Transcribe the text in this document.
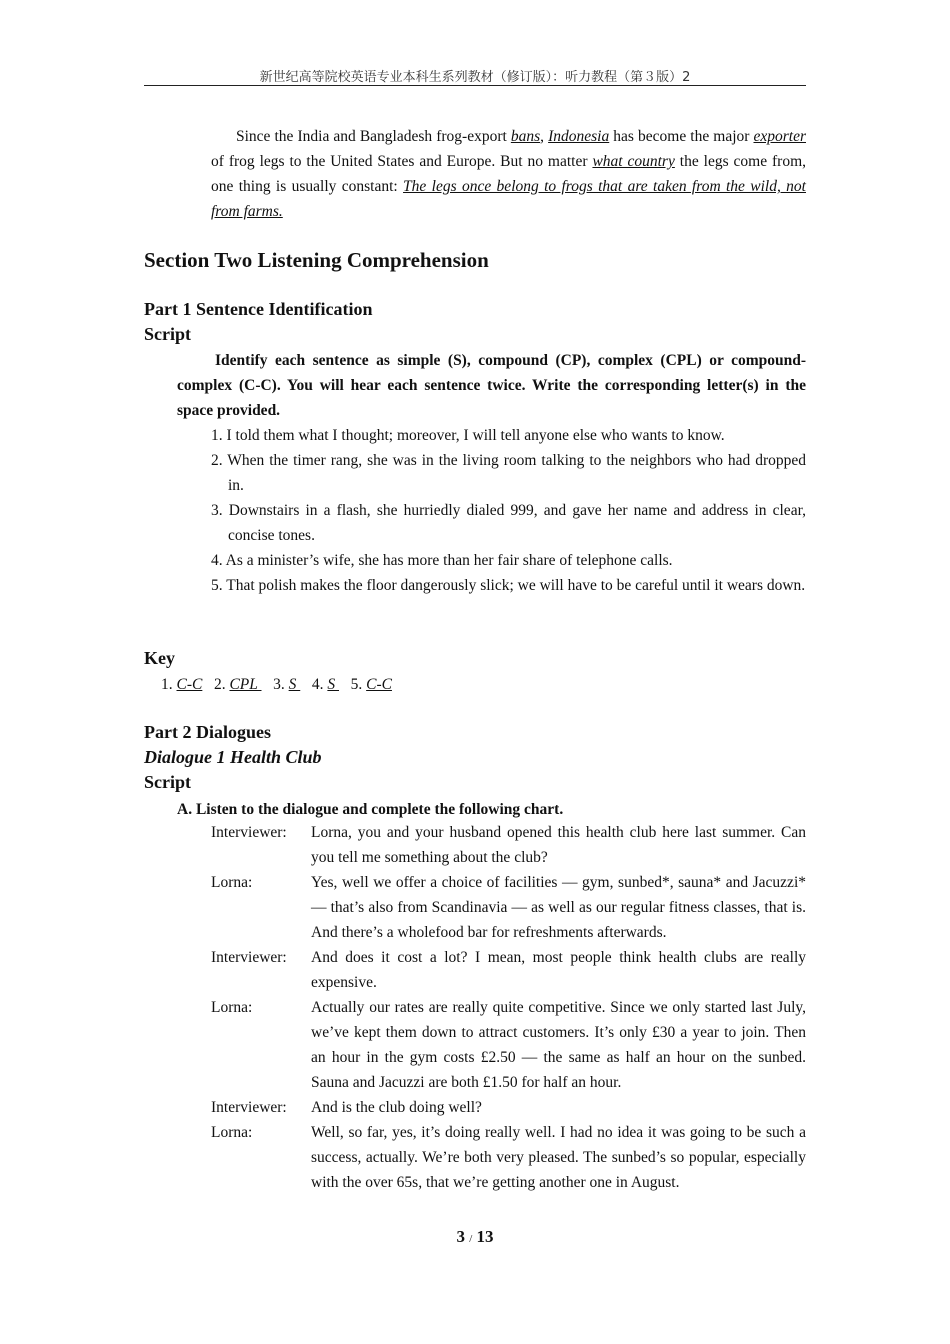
新世纪高等院校英语专业本科生系列教材（修订版）：听力教程（第３版）2
Since the India and Bangladesh frog-export bans, Indonesia has become the major exporter of frog legs to the United States and Europe. But no matter what country the legs come from, one thing is usually constant: The legs once belong to frogs that are taken from the wild, not from farms.
Section Two Listening Comprehension
Part 1 Sentence Identification
Script
Identify each sentence as simple (S), compound (CP), complex (CPL) or compound-complex (C-C). You will hear each sentence twice. Write the corresponding letter(s) in the space provided.
1. I told them what I thought; moreover, I will tell anyone else who wants to know.
2. When the timer rang, she was in the living room talking to the neighbors who had dropped in.
3. Downstairs in a flash, she hurriedly dialed 999, and gave her name and address in clear, concise tones.
4. As a minister’s wife, she has more than her fair share of telephone calls.
5. That polish makes the floor dangerously slick; we will have to be careful until it wears down.
Key
1. C-C 2. CPL    3. S    4. S    5. C-C
Part 2 Dialogues
Dialogue 1 Health Club
Script
A. Listen to the dialogue and complete the following chart.
Interviewer:	Lorna, you and your husband opened this health club here last summer. Can you tell me something about the club?
Lorna:	Yes, well we offer a choice of facilities — gym, sunbed*, sauna* and Jacuzzi* — that’s also from Scandinavia — as well as our regular fitness classes, that is. And there’s a wholefood bar for refreshments afterwards.
Interviewer:	And does it cost a lot? I mean, most people think health clubs are really expensive.
Lorna:	Actually our rates are really quite competitive. Since we only started last July, we’ve kept them down to attract customers. It’s only £30 a year to join. Then an hour in the gym costs £2.50 — the same as half an hour on the sunbed. Sauna and Jacuzzi are both £1.50 for half an hour.
Interviewer:	And is the club doing well?
Lorna:	Well, so far, yes, it’s doing really well. I had no idea it was going to be such a success, actually. We’re both very pleased. The sunbed’s so popular, especially with the over 65s, that we’re getting another one in August.
3 / 13
